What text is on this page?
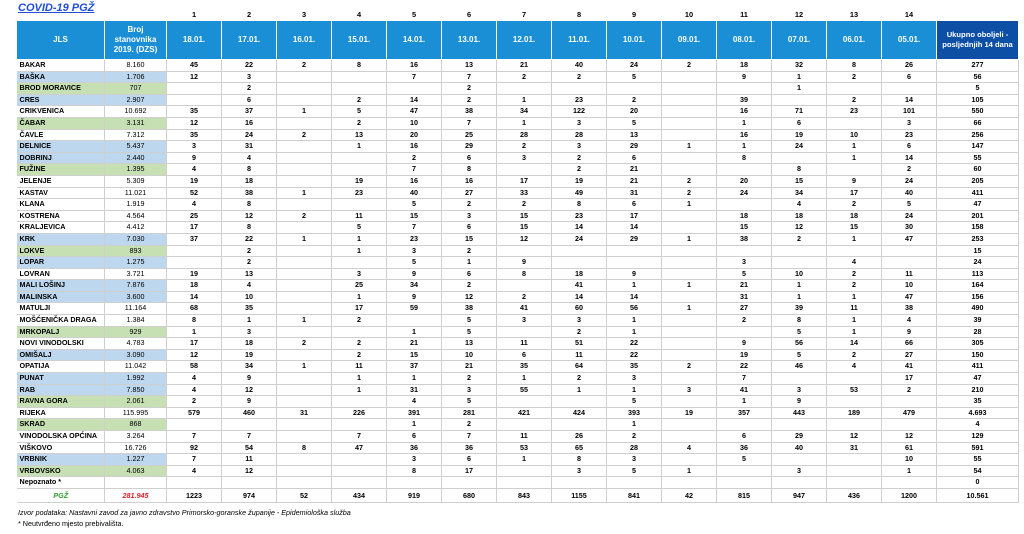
COVID-19 PGŽ
		1	2	3	4	5	6	7	8	9	10	11	12	13	14	
JLS	Broj stanovnika 2019. (DZS)	18.01.	17.01.	16.01.	15.01.	14.01.	13.01.	12.01.	11.01.	10.01.	09.01.	08.01.	07.01.	06.01.	05.01.	Ukupno oboljeli - posljednjih 14 dana
BAKAR	8.160	45	22	2	8	16	13	21	40	24	2	18	32	8	26	277
BAŠKA	1.706	12	3			7	7	2	2	5		9	1	2	6	56
BROD MORAVICE	707		2				2						1			5
CRES	2.907		6		2	14	2	1	23	2		39		2	14	105
CRIKVENICA	10.692	35	37	1	5	47	38	34	122	20		16	71	23	101	550
ČABAR	3.131	12	16		2	10	7	1	3	5		1	6		3	66
ČAVLE	7.312	35	24	2	13	20	25	28	28	13		16	19	10	23	256
DELNICE	5.437	3	31		1	16	29	2	3	29	1	1	24	1	6	147
DOBRINJ	2.440	9	4			2	6	3	2	6		8		1	14	55
FUŽINE	1.395	4	8			7	8		2	21			8		2	60
JELENJE	5.309	19	18		19	16	16	17	19	21	2	20	15	9	24	205
KASTAV	11.021	52	38	1	23	40	27	33	49	31	2	24	34	17	40	411
KLANA	1.919	4	8			5	2	2	8	6	1		4	2	5	47
KOSTRENA	4.564	25	12	2	11	15	3	15	23	17		18	18	18	24	201
KRALJEVICA	4.412	17	8		5	7	6	15	14	14		15	12	15	30	158
KRK	7.030	37	22	1	1	23	15	12	24	29	1	38	2	1	47	253
LOKVE	893		2		1	3	2									15
LOPAR	1.275		2			5	1	9				3		4		24
LOVRAN	3.721	19	13		3	9	6	8	18	9		5	10	2	11	113
MALI LOŠINJ	7.876	18	4		25	34	2		41	1	1	21	1	2	10	164
MALINSKA	3.600	14	10		1	9	12	2	14	14		31	1	1	47	156
MATULJI	11.164	68	35		17	59	38	41	60	56	1	27	39	11	38	490
MOŠĆENIČKA DRAGA	1.384	8	1	1	2		5	3	3	1		2	8	1	4	39
MRKOPALJ	929	1	3			1	5		2	1			5	1	9	28
NOVI VINODOLSKI	4.783	17	18	2	2	21	13	11	51	22		9	56	14	66	305
OMIŠALJ	3.090	12	19		2	15	10	6	11	22		19	5	2	27	150
OPATIJA	11.042	58	34	1	11	37	21	35	64	35	2	22	46	4	41	411
PUNAT	1.992	4	9		1	1	2	1	2	3		7			17	47
RAB	7.850	4	12		1	31	3	55	1	1	3	41	3	53	2	210
RAVNA GORA	2.061	2	9			4	5			5		1	9			35
RIJEKA	115.995	579	460	31	226	391	281	421	424	393	19	357	443	189	479	4.693
SKRAD	868					1	2			1						4
VINODOLSKA OPĆINA	3.264	7	7		7	6	7	11	26	2		6	29	12	12	129
VIŠKOVO	16.726	92	54	8	47	36	36	53	65	28	4	36	40	31	61	591
VRBNIK	1.227	7	11			3	6	1	8	3		5			10	55
VRBOVSKO	4.063	4	12			8	17		3	5	1		3		1	54
Nepoznato *																0
PGŽ	281.945	1223	974	52	434	919	680	843	1155	841	42	815	947	436	1200	10.561
Izvor podataka: Nastavni zavod za javno zdravstvo Primorsko-goranske županije - Epidemiološka služba
* Neutvrđeno mjesto prebivališta.
